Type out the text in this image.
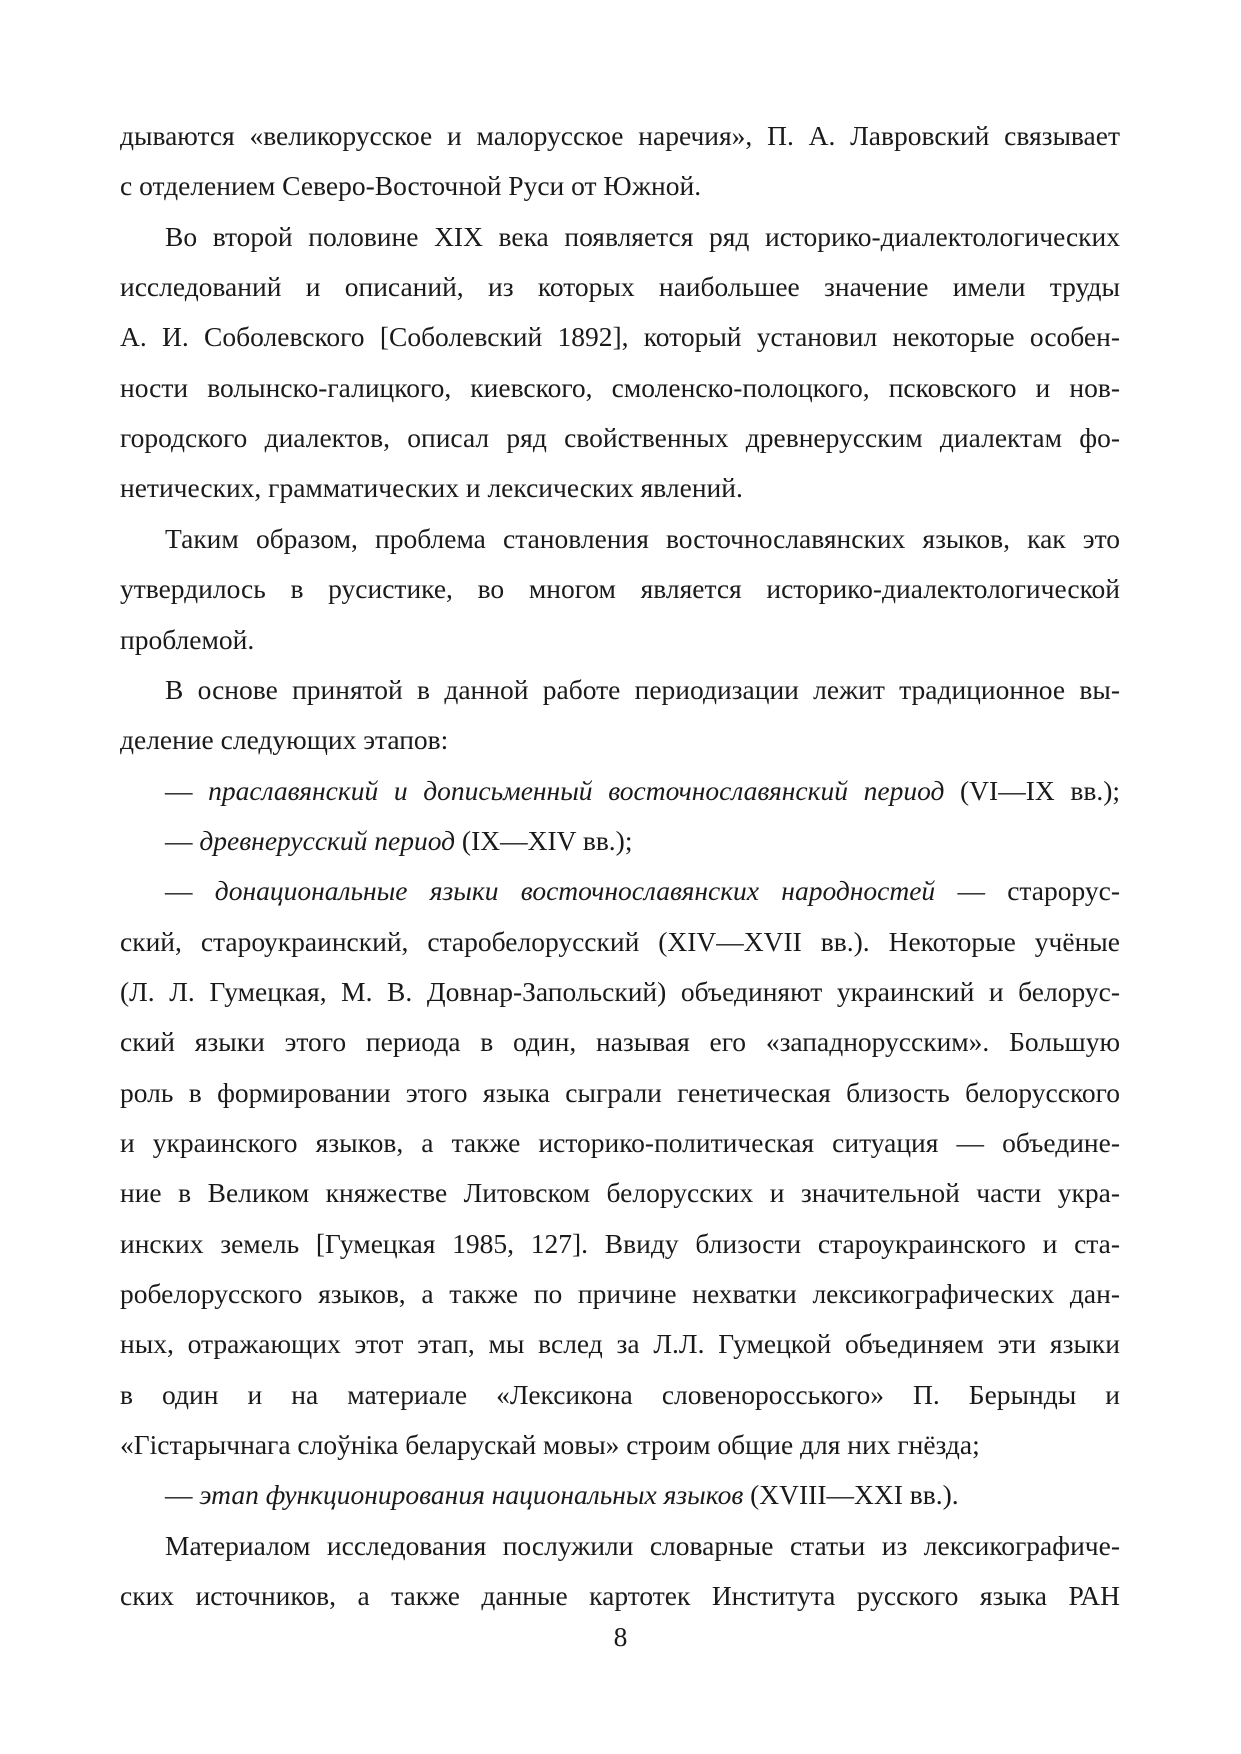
дываются «великорусское и малорусское наречия», П. А. Лавровский связывает
с отделением Северо-Восточной Руси от Южной.
Во второй половине XIX века появляется ряд историко-диалектологических
исследований и описаний, из которых наибольшее значение имели труды
А. И. Соболевского [Соболевский 1892], который установил некоторые особен-
ности волынско-галицкого, киевского, смоленско-полоцкого, псковского и нов-
городского диалектов, описал ряд свойственных древнерусским диалектам фо-
нетических, грамматических и лексических явлений.
Таким образом, проблема становления восточнославянских языков, как это
утвердилось в русистике, во многом является историко-диалектологической
проблемой.
В основе принятой в данной работе периодизации лежит традиционное вы-
деление следующих этапов:
— праславянский и дописьменный восточнославянский период (VI—IX вв.);
— древнерусский период (IX—XIV вв.);
— донациональные языки восточнославянских народностей — старорус-
ский, староукраинский, старобелорусский (XIV—XVII вв.). Некоторые учёные
(Л. Л. Гумецкая, М. В. Довнар-Запольский) объединяют украинский и белорус-
ский языки этого периода в один, называя его «западнорусским». Большую
роль в формировании этого языка сыграли генетическая близость белорусского
и украинского языков, а также историко-политическая ситуация — объедине-
ние в Великом княжестве Литовском белорусских и значительной части укра-
инских земель [Гумецкая 1985, 127]. Ввиду близости староукраинского и ста-
робелорусского языков, а также по причине нехватки лексикографических дан-
ных, отражающих этот этап, мы вслед за Л.Л. Гумецкой объединяем эти языки
в один и на материале «Лексикона словеноросського» П. Берынды и
«Гістарычнага слоўніка беларускай мовы» строим общие для них гнёзда;
— этап функционирования национальных языков (XVIII—XXI вв.).
Материалом исследования послужили словарные статьи из лексикографиче-
ских источников, а также данные картотек Института русского языка РАН
8
